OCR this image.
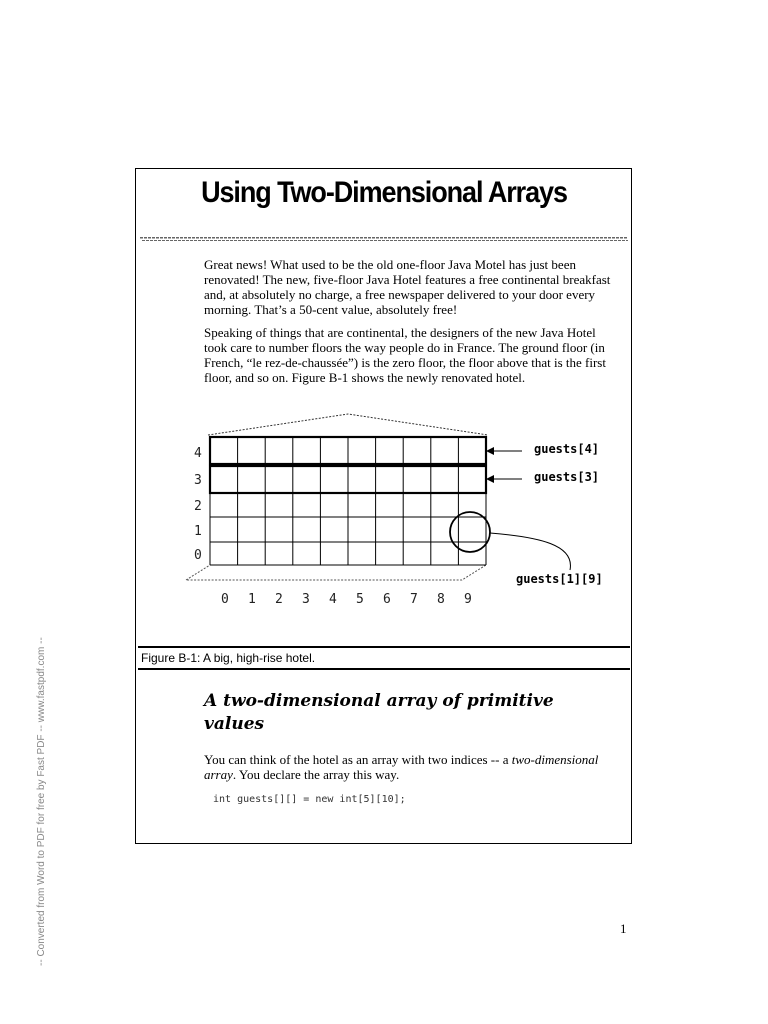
Using Two-Dimensional Arrays

Great news! What used to be the old one-floor Java Motel has just been renovated! The new, five-floor Java Hotel features a free continental breakfast and, at absolutely no charge, a free newspaper delivered to your door every morning. That’s a 50-cent value, absolutely free!

Speaking of things that are continental, the designers of the new Java Hotel took care to number floors the way people do in France. The ground floor (in French, “le rez-de-chaussée”) is the zero floor, the floor above that is the first floor, and so on. Figure B-1 shows the newly renovated hotel.

4
3
2
1
0
0 1 2 3 4 5 6 7 8 9
guests[4]
guests[3]
guests[1][9]
Figure B-1: A big, high-rise hotel.
A two-dimensional array of primitive values

You can think of the hotel as an array with two indices -- a two-dimensional array. You declare the array this way.

int guests[][] = new int[5][10];
1
-- Converted from Word to PDF for free by Fast PDF -- www.fastpdf.com --
